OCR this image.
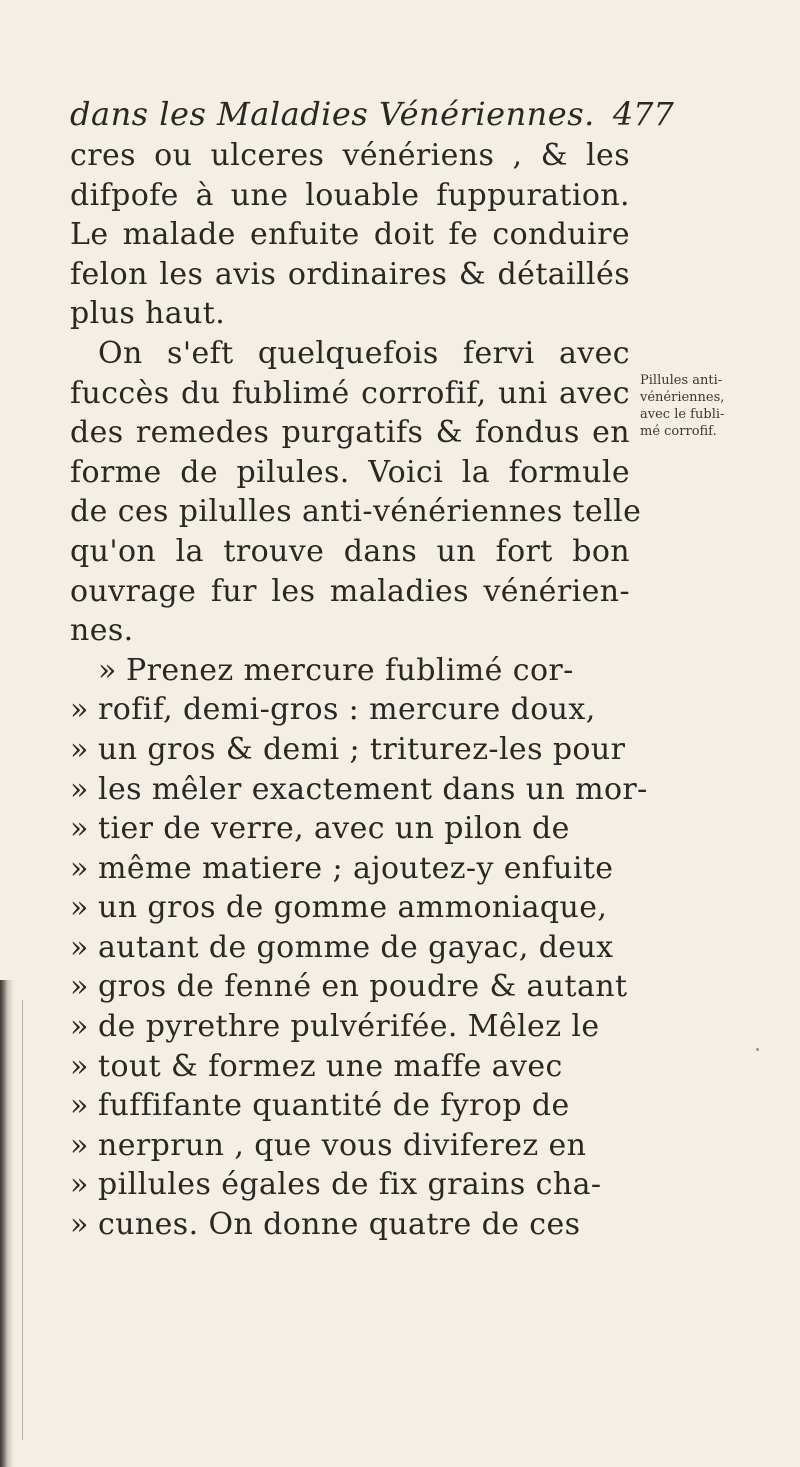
dans les Maladies Vénériennes. 477
cres ou ulceres vénériens , & les
difpofe à une louable fuppuration.
Le malade enfuite doit fe conduire
felon les avis ordinaires & détaillés
plus haut.
On s'eft quelquefois fervi avec
fuccès du fublimé corrofif, uni avec
des remedes purgatifs & fondus en
forme de pilules. Voici la formule
de ces pilulles anti-vénériennes telle
qu'on la trouve dans un fort bon
ouvrage fur les maladies vénérien-
nes.
» Prenez mercure fublimé cor-
» rofif, demi-gros : mercure doux,
» un gros & demi ; triturez-les pour
» les mêler exactement dans un mor-
» tier de verre, avec un pilon de
» même matiere ; ajoutez-y enfuite
» un gros de gomme ammoniaque,
» autant de gomme de gayac, deux
» gros de fenné en poudre & autant
» de pyrethre pulvérifée. Mêlez le
» tout & formez une maffe avec
» fuffifante quantité de fyrop de
» nerprun , que vous diviferez en
» pillules égales de fix grains cha-
» cunes. On donne quatre de ces
Pillules anti-
vénériennes,
avec le fubli-
mé corrofif.
